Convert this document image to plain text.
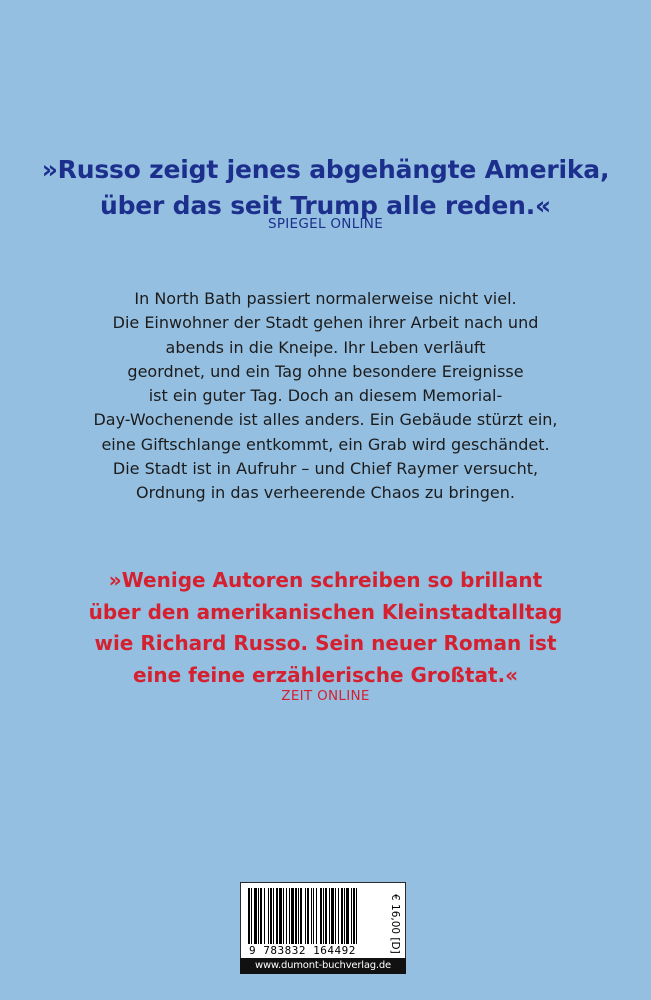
»Russo zeigt jenes abgehängte Amerika,
über das seit Trump alle reden.«
SPIEGEL ONLINE
In North Bath passiert normalerweise nicht viel.
Die Einwohner der Stadt gehen ihrer Arbeit nach und
abends in die Kneipe. Ihr Leben verläuft
geordnet, und ein Tag ohne besondere Ereignisse
ist ein guter Tag. Doch an diesem Memorial-
Day-Wochenende ist alles anders. Ein Gebäude stürzt ein,
eine Giftschlange entkommt, ein Grab wird geschändet.
Die Stadt ist in Aufruhr – und Chief Raymer versucht,
Ordnung in das verheerende Chaos zu bringen.
»Wenige Autoren schreiben so brillant
über den amerikanischen Kleinstadtalltag
wie Richard Russo. Sein neuer Roman ist
eine feine erzählerische Großtat.«
ZEIT ONLINE
9 783832 164492	€ 16,00 [D]
www.dumont-buchverlag.de
